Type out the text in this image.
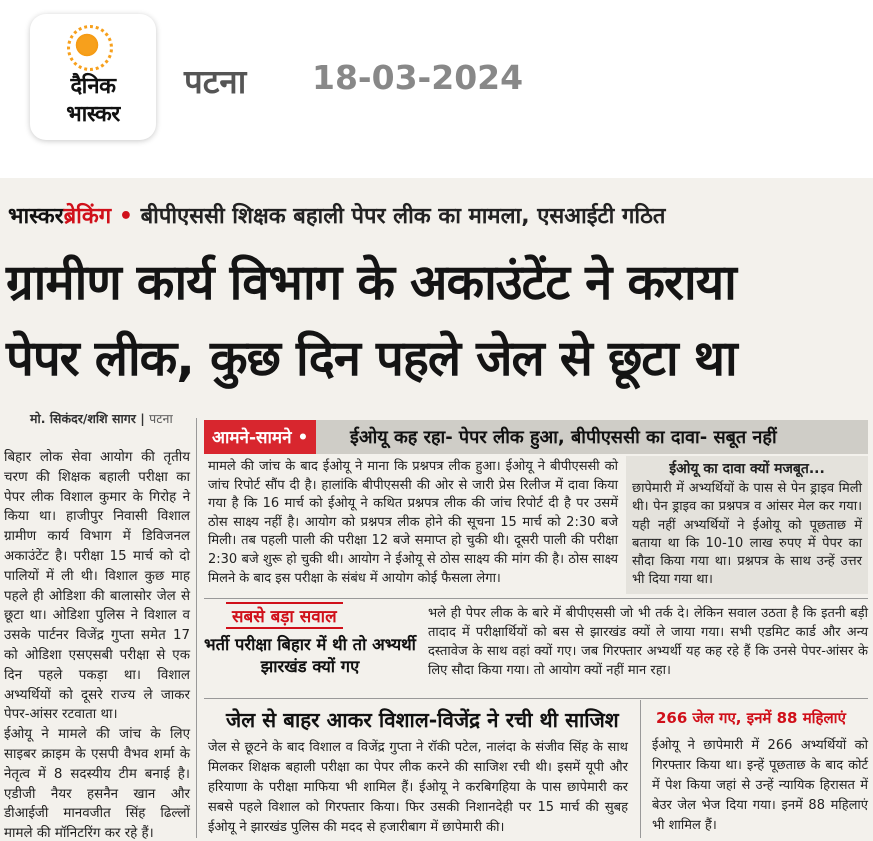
दैनिक
भास्कर
पटना 18-03-2024
भास्करब्रेकिंग • बीपीएससी शिक्षक बहाली पेपर लीक का मामला, एसआईटी गठित
ग्रामीण कार्य विभाग के अकाउंटेंट ने कराया
पेपर लीक, कुछ दिन पहले जेल से छूटा था
मो. सिकंदर/शशि सागर | पटना

बिहार लोक सेवा आयोग की तृतीय चरण की शिक्षक बहाली परीक्षा का पेपर लीक विशाल कुमार के गिरोह ने किया था। हाजीपुर निवासी विशाल ग्रामीण कार्य विभाग में डिविजनल अकाउंटेंट है। परीक्षा 15 मार्च को दो पालियों में ली थी। विशाल कुछ माह पहले ही ओडिशा की बालासोर जेल से छूटा था। ओडिशा पुलिस ने विशाल व उसके पार्टनर विजेंद्र गुप्ता समेत 17 को ओडिशा एसएसबी परीक्षा से एक दिन पहले पकड़ा था। विशाल अभ्यर्थियों को दूसरे राज्य ले जाकर पेपर-आंसर रटवाता था।

ईओयू ने मामले की जांच के लिए साइबर क्राइम के एसपी वैभव शर्मा के नेतृत्व में 8 सदस्यीय टीम बनाई है। एडीजी नैयर हसनैन खान और डीआईजी मानवजीत सिंह ढिल्लों मामले की मॉनिटरिंग कर रहे हैं।

आमने-सामने •	ईओयू कह रहा- पेपर लीक हुआ, बीपीएससी का दावा- सबूत नहीं
मामले की जांच के बाद ईओयू ने माना कि प्रश्नपत्र लीक हुआ। ईओयू ने बीपीएससी को जांच रिपोर्ट सौंप दी है। हालांकि बीपीएससी की ओर से जारी प्रेस रिलीज में दावा किया गया है कि 16 मार्च को ईओयू ने कथित प्रश्नपत्र लीक की जांच रिपोर्ट दी है पर उसमें ठोस साक्ष्य नहीं है। आयोग को प्रश्नपत्र लीक होने की सूचना 15 मार्च को 2:30 बजे मिली। तब पहली पाली की परीक्षा 12 बजे समाप्त हो चुकी थी। दूसरी पाली की परीक्षा 2:30 बजे शुरू हो चुकी थी। आयोग ने ईओयू से ठोस साक्ष्य की मांग की है। ठोस साक्ष्य मिलने के बाद इस परीक्षा के संबंध में आयोग कोई फैसला लेगा।
ईओयू का दावा क्यों मजबूत...
छापेमारी में अभ्यर्थियों के पास से पेन ड्राइव मिली थी। पेन ड्राइव का प्रश्नपत्र व आंसर मेल कर गया। यही नहीं अभ्यर्थियों ने ईओयू को पूछताछ में बताया था कि 10-10 लाख रुपए में पेपर का सौदा किया गया था। प्रश्नपत्र के साथ उन्हें उत्तर भी दिया गया था।
सबसे बड़ा सवाल
भर्ती परीक्षा बिहार में थी तो अभ्यर्थी झारखंड क्यों गए
भले ही पेपर लीक के बारे में बीपीएससी जो भी तर्क दे। लेकिन सवाल उठता है कि इतनी बड़ी तादाद में परीक्षार्थियों को बस से झारखंड क्यों ले जाया गया। सभी एडमिट कार्ड और अन्य दस्तावेज के साथ वहां क्यों गए। जब गिरफ्तार अभ्यर्थी यह कह रहे हैं कि उनसे पेपर-आंसर के लिए सौदा किया गया। तो आयोग क्यों नहीं मान रहा।
जेल से बाहर आकर विशाल-विजेंद्र ने रची थी साजिश
जेल से छूटने के बाद विशाल व विजेंद्र गुप्ता ने रॉकी पटेल, नालंदा के संजीव सिंह के साथ मिलकर शिक्षक बहाली परीक्षा का पेपर लीक करने की साजिश रची थी। इसमें यूपी और हरियाणा के परीक्षा माफिया भी शामिल हैं। ईओयू ने करबिगहिया के पास छापेमारी कर सबसे पहले विशाल को गिरफ्तार किया। फिर उसकी निशानदेही पर 15 मार्च की सुबह ईओयू ने झारखंड पुलिस की मदद से हजारीबाग में छापेमारी की।
266 जेल गए, इनमें 88 महिलाएं
ईओयू ने छापेमारी में 266 अभ्यर्थियों को गिरफ्तार किया था। इन्हें पूछताछ के बाद कोर्ट में पेश किया जहां से उन्हें न्यायिक हिरासत में बेउर जेल भेज दिया गया। इनमें 88 महिलाएं भी शामिल हैं।
